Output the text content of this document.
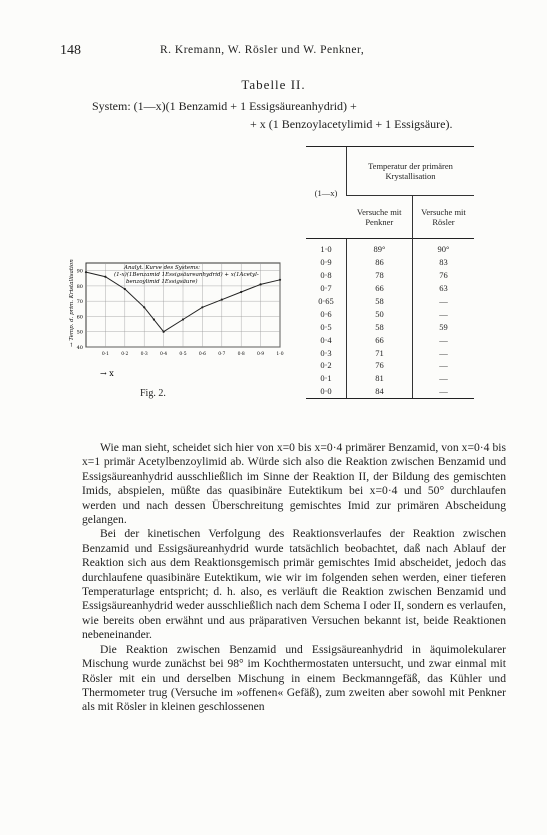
148	R. Kremann, W. Rösler und W. Penkner,
Tabelle II.
System: (1—x)(1 Benzamid + 1 Essigsäureanhydrid) +
+ x (1 Benzoylacetylimid + 1 Essigsäure).
(1—x)	Temperatur der primären Krystallisation	
	Versuche mit Penkner	Versuche mit Rösler
1·0	89°	90°
0·9	86	83
0·8	78	76
0·7	66	63
0·65	58	—
0·6	50	—
0·5	58	59
0·4	66	—
0·3	71	—
0·2	76	—
0·1	81	—
0·0	84	—
Analyt. Kurve des Systems:
(1-x)(1Benzamid 1Essigsäureanhydrid) + x(1Acetyl-
benzoylimid 1Essigsäure)
90
80
70
60
50
40
0·1	0·2	0·3	0·4	0·5	0·6	0·7	0·8	0·9	1·0
→ Temp. d. prim. Kristallisation
→ x
Fig. 2.

Wie man sieht, scheidet sich hier von x=0 bis x=0·4 primärer Benzamid, von x=0·4 bis x=1 primär Acetylbenzoylimid ab. Würde sich also die Reaktion zwischen Benzamid und Essigsäureanhydrid ausschließlich im Sinne der Reaktion II, der Bildung des gemischten Imids, abspielen, müßte das quasibinäre Eutektikum bei x=0·4 und 50° durchlaufen werden und nach dessen Überschreitung gemischtes Imid zur primären Abscheidung gelangen.

Bei der kinetischen Verfolgung des Reaktionsverlaufes der Reaktion zwischen Benzamid und Essigsäureanhydrid wurde tatsächlich beobachtet, daß nach Ablauf der Reaktion sich aus dem Reaktionsgemisch primär gemischtes Imid abscheidet, jedoch das durchlaufene quasibinäre Eutektikum, wie wir im folgenden sehen werden, einer tieferen Temperaturlage entspricht; d. h. also, es verläuft die Reaktion zwischen Benzamid und Essigsäureanhydrid weder ausschließlich nach dem Schema I oder II, sondern es verlaufen, wie bereits oben erwähnt und aus präparativen Versuchen bekannt ist, beide Reaktionen nebeneinander.

Die Reaktion zwischen Benzamid und Essigsäureanhydrid in äquimolekularer Mischung wurde zunächst bei 98° im Kochthermostaten untersucht, und zwar einmal mit Rösler mit ein und derselben Mischung in einem Beckmanngefäß, das Kühler und Thermometer trug (Versuche im »offenen« Gefäß), zum zweiten aber sowohl mit Penkner als mit Rösler in kleinen geschlossenen
